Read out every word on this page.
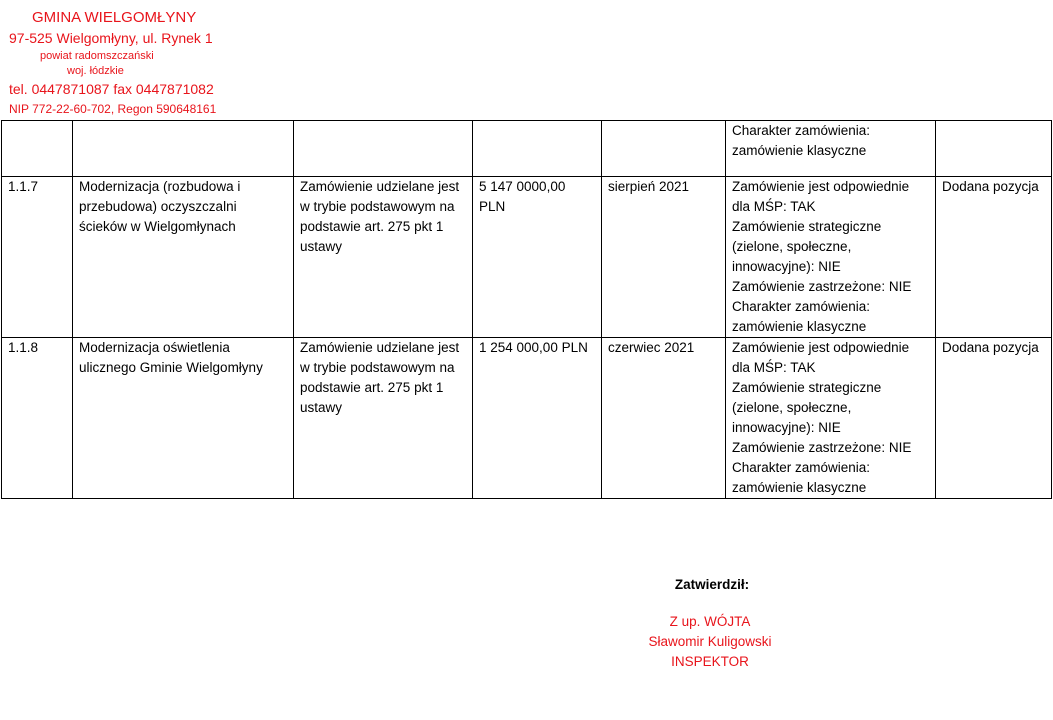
GMINA WIELGOMŁYNY
97-525 Wielgomłyny, ul. Rynek 1
powiat radomszczański
woj. łódzkie
tel. 0447871087 fax 0447871082
NIP 772-22-60-702, Regon 590648161

					Charakter zamówienia:
zamówienie klasyczne	

1.1.7	Modernizacja (rozbudowa i przebudowa) oczyszczalni ścieków w Wielgomłynach	Zamówienie udzielane jest w trybie podstawowym na podstawie art. 275 pkt 1 ustawy	5 147 0000,00 PLN	sierpień 2021	Zamówienie jest odpowiednie dla MŚP: TAK
Zamówienie strategiczne (zielone, społeczne, innowacyjne): NIE
Zamówienie zastrzeżone: NIE
Charakter zamówienia: zamówienie klasyczne	Dodana pozycja
1.1.8	Modernizacja oświetlenia ulicznego Gminie Wielgomłyny	Zamówienie udzielane jest w trybie podstawowym na podstawie art. 275 pkt 1 ustawy	1 254 000,00 PLN	czerwiec 2021	Zamówienie jest odpowiednie dla MŚP: TAK
Zamówienie strategiczne (zielone, społeczne, innowacyjne): NIE
Zamówienie zastrzeżone: NIE
Charakter zamówienia: zamówienie klasyczne	Dodana pozycja
Zatwierdził:
Z up. WÓJTA
Sławomir Kuligowski
INSPEKTOR
